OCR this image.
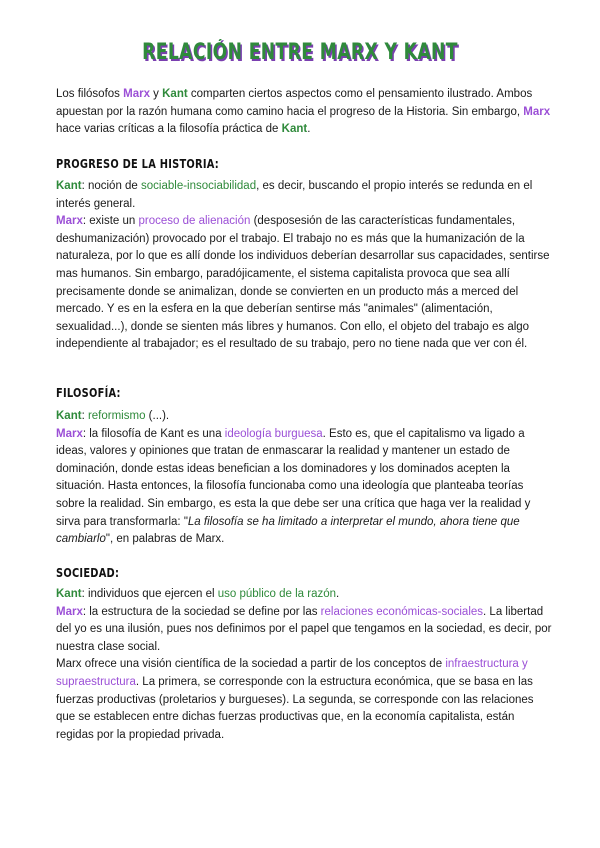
RELACIÓN ENTRE MARX Y KANT

Los filósofos Marx y Kant comparten ciertos aspectos como el pensamiento ilustrado. Ambos apuestan por la razón humana como camino hacia el progreso de la Historia. Sin embargo, Marx hace varias críticas a la filosofía práctica de Kant.

PROGRESO DE LA HISTORIA:

Kant: noción de sociable-insociabilidad, es decir, buscando el propio interés se redunda en el interés general.

Marx: existe un proceso de alienación (desposesión de las características fundamentales, deshumanización) provocado por el trabajo. El trabajo no es más que la humanización de la naturaleza, por lo que es allí donde los individuos deberían desarrollar sus capacidades, sentirse mas humanos. Sin embargo, paradójicamente, el sistema capitalista provoca que sea allí precisamente donde se animalizan, donde se convierten en un producto más a merced del mercado. Y es en la esfera en la que deberían sentirse más "animales" (alimentación, sexualidad...), donde se sienten más libres y humanos. Con ello, el objeto del trabajo es algo independiente al trabajador; es el resultado de su trabajo, pero no tiene nada que ver con él.

FILOSOFÍA:

Kant: reformismo (...).

Marx: la filosofía de Kant es una ideología burguesa. Esto es, que el capitalismo va ligado a ideas, valores y opiniones que tratan de enmascarar la realidad y mantener un estado de dominación, donde estas ideas benefician a los dominadores y los dominados acepten la situación. Hasta entonces, la filosofía funcionaba como una ideología que planteaba teorías sobre la realidad. Sin embargo, es esta la que debe ser una crítica que haga ver la realidad y sirva para transformarla: "La filosofía se ha limitado a interpretar el mundo, ahora tiene que cambiarlo", en palabras de Marx.

SOCIEDAD:

Kant: individuos que ejercen el uso público de la razón.

Marx: la estructura de la sociedad se define por las relaciones económicas-sociales. La libertad del yo es una ilusión, pues nos definimos por el papel que tengamos en la sociedad, es decir, por nuestra clase social.

Marx ofrece una visión científica de la sociedad a partir de los conceptos de infraestructura y supraestructura. La primera, se corresponde con la estructura económica, que se basa en las fuerzas productivas (proletarios y burgueses). La segunda, se corresponde con las relaciones que se establecen entre dichas fuerzas productivas que, en la economía capitalista, están regidas por la propiedad privada.
